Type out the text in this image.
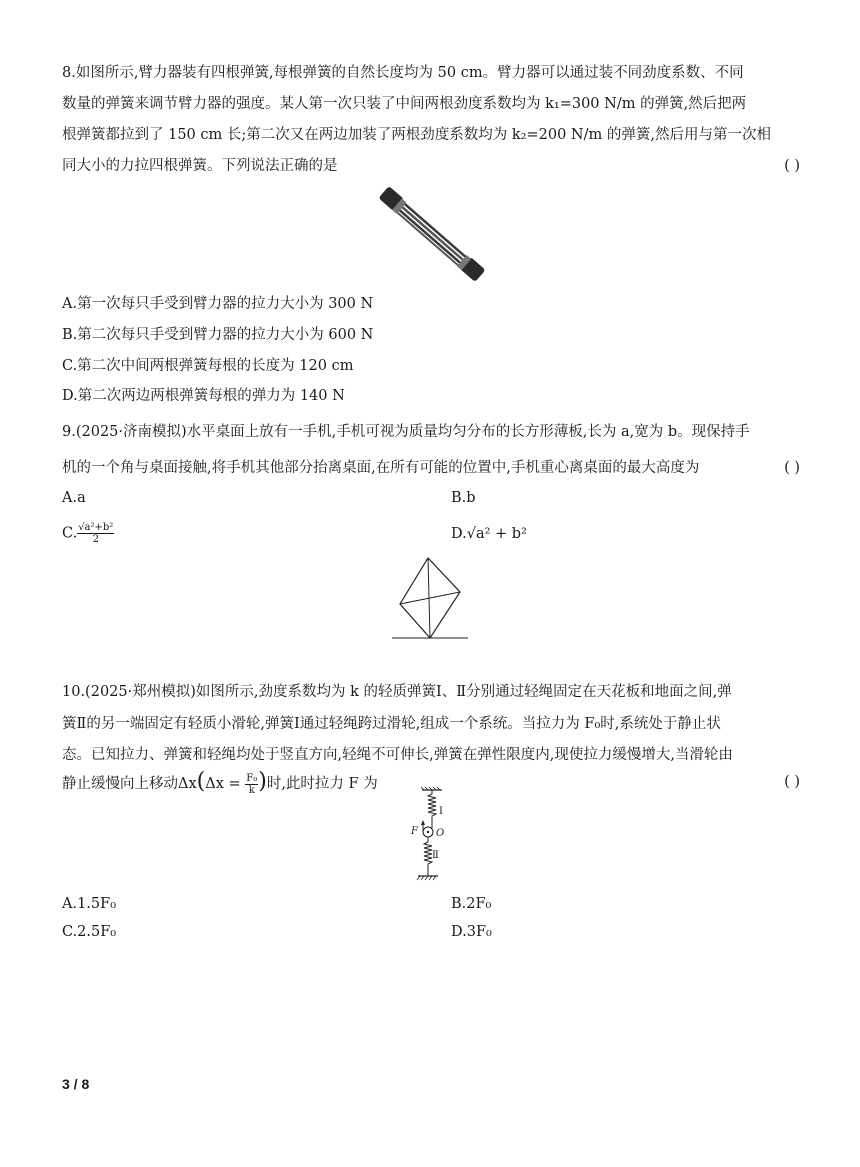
8.如图所示,臂力器装有四根弹簧,每根弹簧的自然长度均为 50 cm。臂力器可以通过装不同劲度系数、不同
数量的弹簧来调节臂力器的强度。某人第一次只装了中间两根劲度系数均为 k₁=300 N/m 的弹簧,然后把两
根弹簧都拉到了 150 cm 长;第二次又在两边加装了两根劲度系数均为 k₂=200 N/m 的弹簧,然后用与第一次相
同大小的力拉四根弹簧。下列说法正确的是	( )
A.第一次每只手受到臂力器的拉力大小为 300 N
B.第二次每只手受到臂力器的拉力大小为 600 N
C.第二次中间两根弹簧每根的长度为 120 cm
D.第二次两边两根弹簧每根的弹力为 140 N
9.(2025·济南模拟)水平桌面上放有一手机,手机可视为质量均匀分布的长方形薄板,长为 a,宽为 b。现保持手
机的一个角与桌面接触,将手机其他部分抬离桌面,在所有可能的位置中,手机重心离桌面的最大高度为	( )
A.a	B.b
C. $\frac{\text{√a²+b²}}{2}$	D.√a² + b²
10.(2025·郑州模拟)如图所示,劲度系数均为 k 的轻质弹簧Ⅰ、Ⅱ分别通过轻绳固定在天花板和地面之间,弹
簧Ⅱ的另一端固定有轻质小滑轮,弹簧Ⅰ通过轻绳跨过滑轮,组成一个系统。当拉力为 F₀时,系统处于静止状
态。已知拉力、弹簧和轻绳均处于竖直方向,轻绳不可伸长,弹簧在弹性限度内,现使拉力缓慢增大,当滑轮由
静止缓慢向上移动$\Delta x(\Delta x = \frac{\text{F₀}}{k}$ )时,此时拉力 F 为	( )
Ⅰ
Ⅱ
F O
A.1.5F₀	B.2F₀
C.2.5F₀	D.3F₀
3 / 8
